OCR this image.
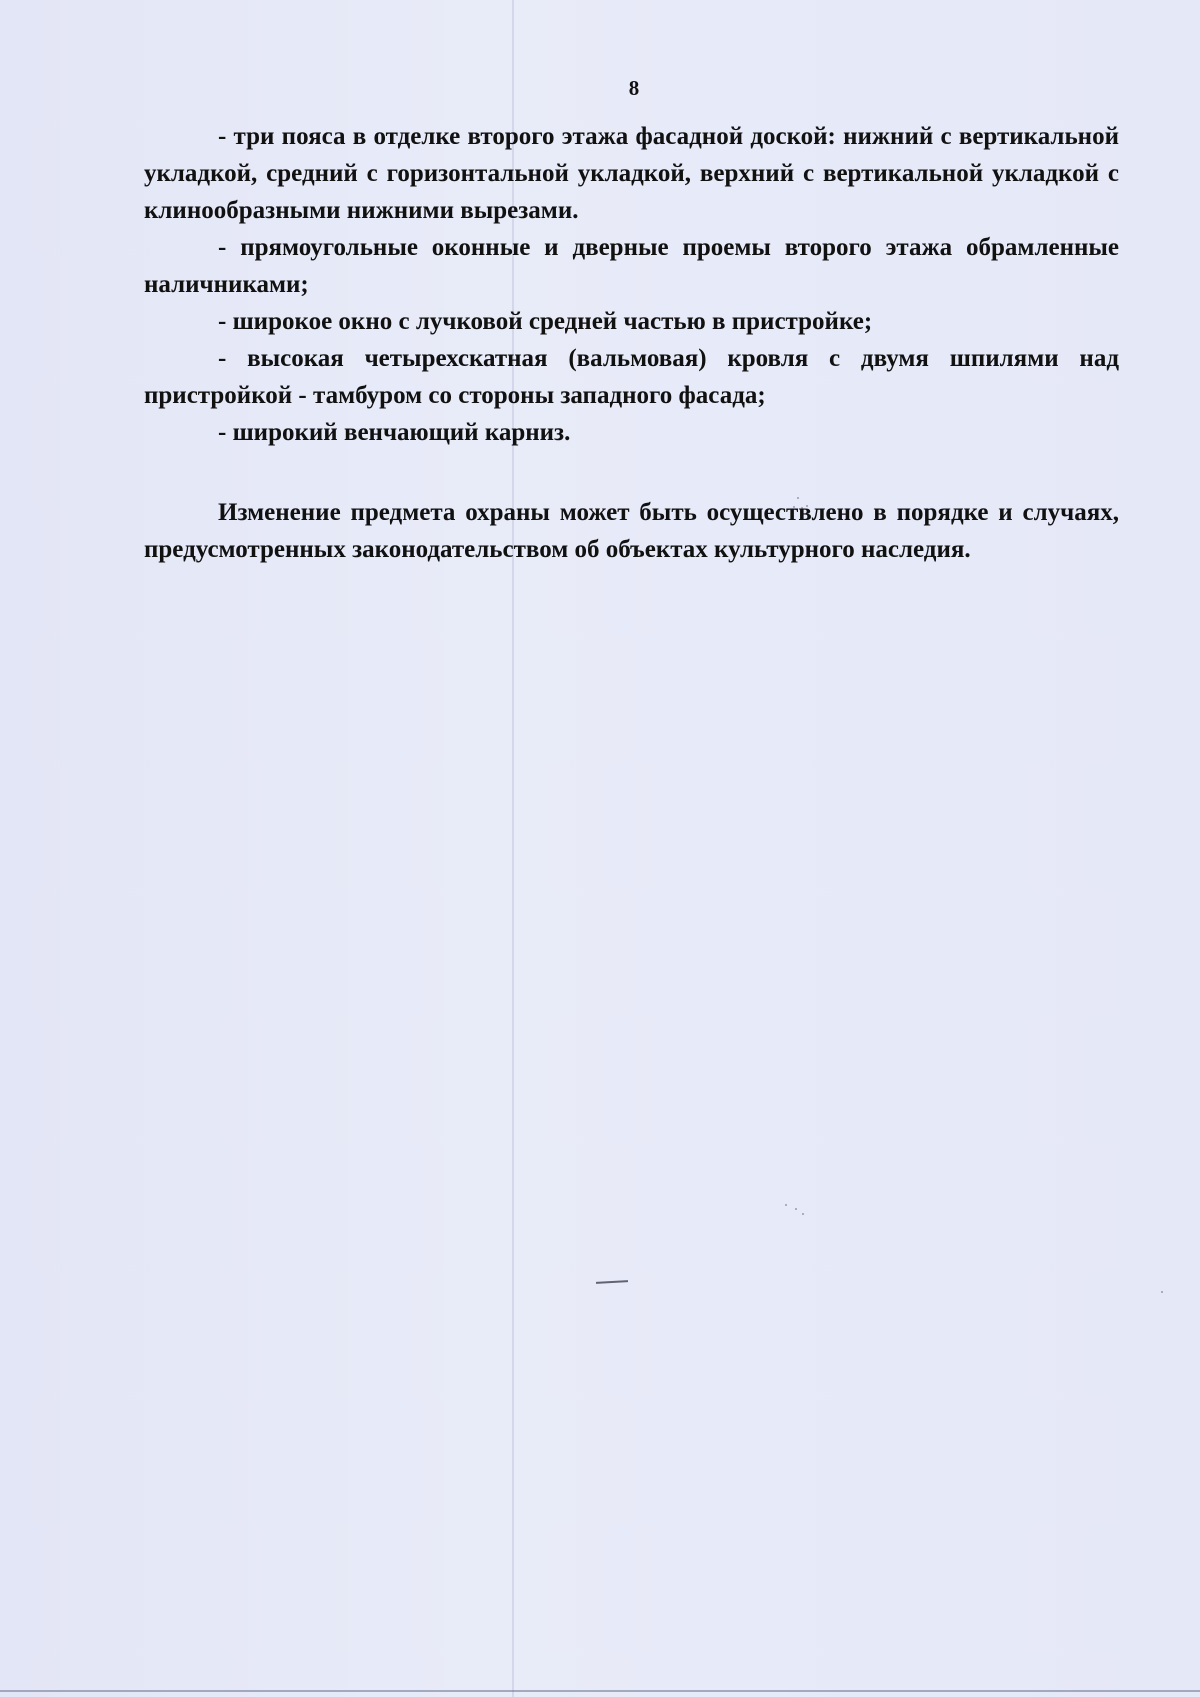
8

- три пояса в отделке второго этажа фасадной доской: нижний с вертикальной укладкой, средний с горизонтальной укладкой, верхний с вертикальной укладкой с клинообразными нижними вырезами.

- прямоугольные оконные и дверные проемы второго этажа обрамленные наличниками;

- широкое окно с лучковой средней частью в пристройке;

- высокая четырехскатная (вальмовая) кровля с двумя шпилями над пристройкой - тамбуром со стороны западного фасада;

- широкий венчающий карниз.

Изменение предмета охраны может быть осуществлено в порядке и случаях, предусмотренных законодательством об объектах культурного наследия.
